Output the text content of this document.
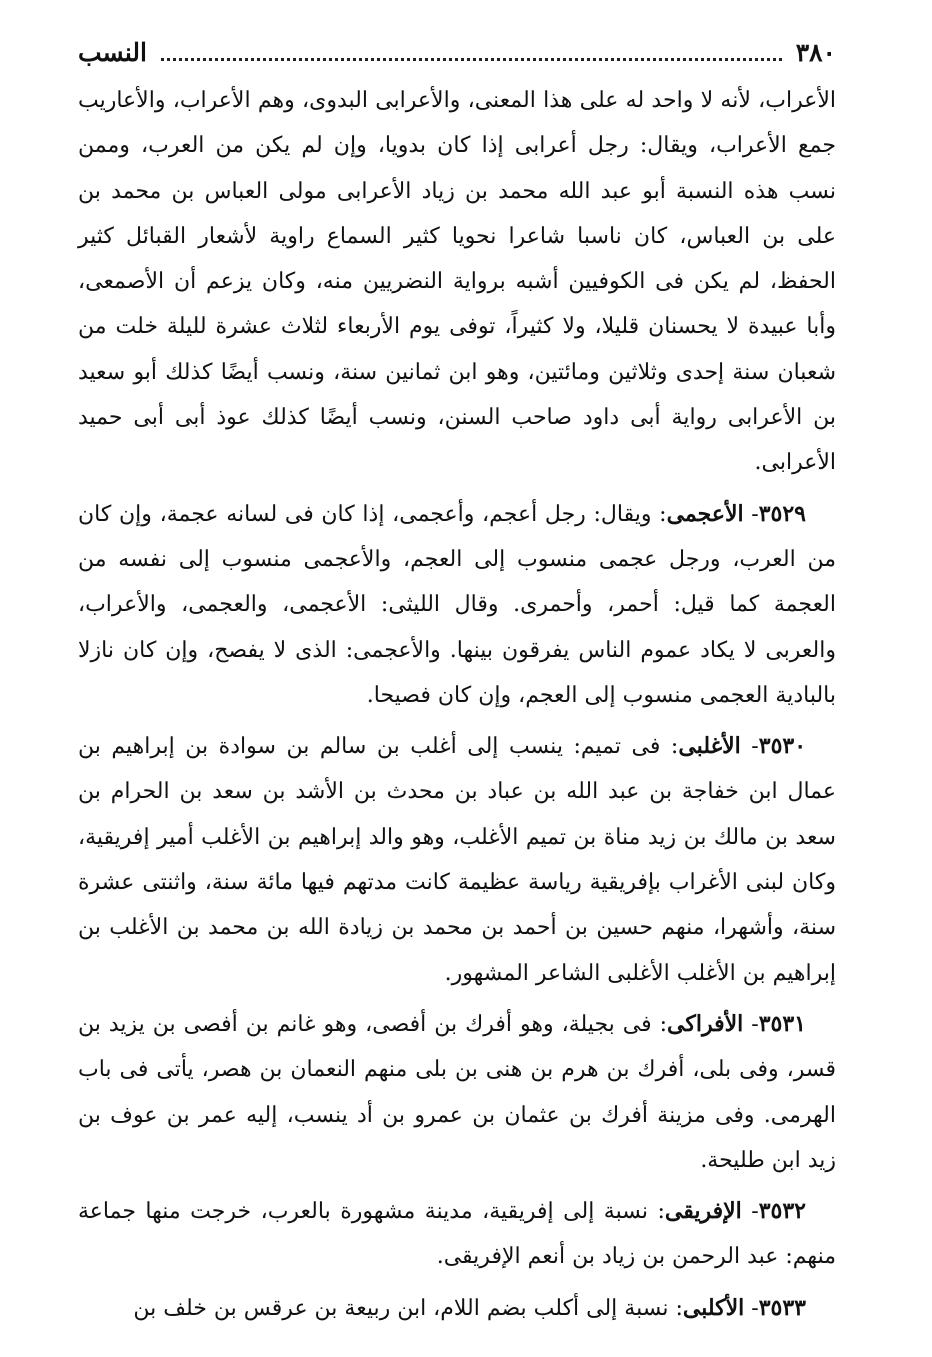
٣٨٠
النسب

الأعراب، لأنه لا واحد له على هذا المعنى، والأعرابى البدوى، وهم الأعراب، والأعاريب جمع الأعراب، ويقال: رجل أعرابى إذا كان بدويا، وإن لم يكن من العرب، وممن نسب هذه النسبة أبو عبد الله محمد بن زياد الأعرابى مولى العباس بن محمد بن على بن العباس، كان ناسبا شاعرا نحويا كثير السماع راوية لأشعار القبائل كثير الحفظ، لم يكن فى الكوفيين أشبه برواية النضريين منه، وكان يزعم أن الأصمعى، وأبا عبيدة لا يحسنان قليلا، ولا كثيراً، توفى يوم الأربعاء لثلاث عشرة لليلة خلت من شعبان سنة إحدى وثلاثين ومائتين، وهو ابن ثمانين سنة، ونسب أيضًا كذلك أبو سعيد بن الأعرابى رواية أبى داود صاحب السنن، ونسب أيضًا كذلك عوذ أبى أبى حميد الأعرابى.

٣٥٢٩- الأعجمى: ويقال: رجل أعجم، وأعجمى، إذا كان فى لسانه عجمة، وإن كان من العرب، ورجل عجمى منسوب إلى العجم، والأعجمى منسوب إلى نفسه من العجمة كما قيل: أحمر، وأحمرى. وقال الليثى: الأعجمى، والعجمى، والأعراب، والعربى لا يكاد عموم الناس يفرقون بينها. والأعجمى: الذى لا يفصح، وإن كان نازلا بالبادية العجمى منسوب إلى العجم، وإن كان فصيحا.

٣٥٣٠- الأغلبى: فى تميم: ينسب إلى أغلب بن سالم بن سوادة بن إبراهيم بن عمال ابن خفاجة بن عبد الله بن عباد بن محدث بن الأشد بن سعد بن الحرام بن سعد بن مالك بن زيد مناة بن تميم الأغلب، وهو والد إبراهيم بن الأغلب أمير إفريقية، وكان لبنى الأغراب بإفريقية رياسة عظيمة كانت مدتهم فيها مائة سنة، واثنتى عشرة سنة، وأشهرا، منهم حسين بن أحمد بن محمد بن زيادة الله بن محمد بن الأغلب بن إبراهيم بن الأغلب الأغلبى الشاعر المشهور.

٣٥٣١- الأفراكى: فى بجيلة، وهو أفرك بن أفصى، وهو غانم بن أفصى بن يزيد بن قسر، وفى بلى، أفرك بن هرم بن هنى بن بلى منهم النعمان بن هصر، يأتى فى باب الهرمى. وفى مزينة أفرك بن عثمان بن عمرو بن أد ينسب، إليه عمر بن عوف بن زيد ابن طليحة.

٣٥٣٢- الإفريقى: نسبة إلى إفريقية، مدينة مشهورة بالعرب، خرجت منها جماعة منهم: عبد الرحمن بن زياد بن أنعم الإفريقى.

٣٥٣٣- الأكلبى: نسبة إلى أكلب بضم اللام، ابن ربيعة بن عرقس بن خلف بن
